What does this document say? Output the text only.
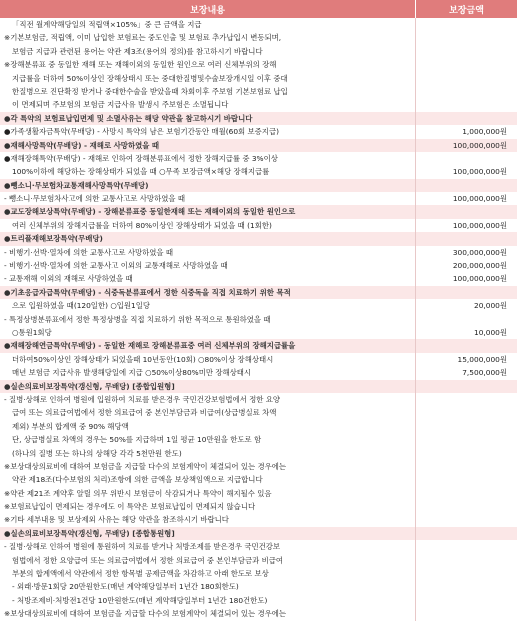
보장내용	보장금액
「직전 월계약해당일의 적립액×105%」중 큰 금액을 지급
※기본보험금, 적립액, 이미 납입한 보험료는 중도인출 및 보험료 추가납입시 변동되며,
보험금 지급과 관련된 용어는 약관 제3조(용어의 정의)를 참고하시기 바랍니다
※장해분류표 중 동일한 재해 또는 재해이외의 동일한 원인으로 여러 신체부위의 장해
지급률을 더하여 50%이상인 장해상태시 또는 중대한질병및수술보장개시일 이후 중대
한질병으로 진단확정 받거나 중대한수술을 받았을때 차회이후 주보험 기본보험료 납입
이 면제되며 주보험의 보험금 지급사유 발생시 주보험은 소멸됩니다
●각 특약의 보험료납입면제 및 소멸사유는 해당 약관을 참고하시기 바랍니다
●가족생활자금특약(무배당) - 사망시 특약의 남은 보험기간동안 매월(60회 보증지급)	1,000,000원
●재해사망특약(무배당) - 재해로 사망하였을 때	100,000,000원
●재해장해특약(무배당) - 재해로 인하여 장해분류표에서 정한 장해지급률 중 3%이상
100%이하에 해당하는 장해상태가 되었을 때 ○무족 보장금액×해당 장해지급률	100,000,000원
●뺑소니·무보험차교통재해사망특약(무배당)
- 뺑소니·무보험차사고에 의한 교통사고로 사망하였을 때	100,000,000원
●교도장해보상특약(무배당) - 장해분류표중 동일한재해 또는 재해이외의 동일한 원인으로
여러 신체부위의 장해지급률을 더하여 80%이상인 장해상태가 되었을 때 (1회한)	100,000,000원
●트리플재해보장특약(무배당)
- 비행기·선박·열차에 의한 교통사고로 사망하였을 때	300,000,000원
- 비행기·선박·열차에 의한 교통사고 이외의 교통재해로 사망하였을 때	200,000,000원
- 교통재해 이외의 재해로 사망하였을 때	100,000,000원
●기초응급자급특약(무배당) - 식중독분류표에서 정한 식중독을 직접 치료하기 위한 목적
으로 입원하였을 때(120일한) ○입원1일당	20,000원
- 특정상병분류표에서 정한 특정상병을 직접 치료하기 위한 목적으로 통원하였을 때
○통원1회당	10,000원
●재해장해연금특약(무배당) - 동일한 재해로 장해분류표중 여러 신체부위의 장해지급률을
더하여50%이상인 장해상태가 되었을때 10년동안(10회) ○80%이상 장해상태시	15,000,000원
매년 보험금 지급사유 발생해당일에 지급 ○50%이상80%미만 장해상태시	7,500,000원
●실손의료비보장특약(갱신형, 무배당) [종합입원형]
- 질병·상해로 인하여 병원에 입원하여 치료를 받은경우 국민건강보험법에서 정한 요양
급여 또는 의료급여법에서 정한 의료급여 중 본인부담금과 비급여(상급병실료 차액
제외) 부분의 합계액 중 90% 해당액
단, 상급병실료 차액의 경우는 50%를 지급하며 1일 평균 10만원을 한도로 함
(하나의 질병 또는 하나의 상해당 각각 5천만원 한도)
※보상대상의료비에 대하여 보험금을 지급할 다수의 보험계약이 체결되어 있는 경우에는
약관 제18조(다수보험의 처리)조항에 의한 금액을 보상책임액으로 지급합니다
※약관 제21조 계약후 알릴 의무 위반시 보험금이 삭감되거나 특약이 해지될수 있음
※보험료납입이 면제되는 경우에도 이 특약은 보험료납입이 면제되지 않습니다
※기타 세부내용 및 보상제외 사유는 해당 약관을 참조하시기 바랍니다
●실손의료비보장특약(갱신형, 무배당) [종합통원형]
- 질병·상해로 인하여 병원에 통원하여 치료를 받거나 처방조제를 받은경우 국민건강보
험법에서 정한 요양급여 또는 의료급여법에서 정한 의료급여 중 본인부담금과 비급여
부분의 합계액에서 약관에서 정한 항목별 공제금액을 차감하고 아래 한도로 보상
- 외래·방문1회당 20만원한도(매년 계약해당일부터 1년간 180회한도)
- 처방조제비·처방전1건당 10만원한도(매년 계약해당일부터 1년간 180건한도)
※보상대상의료비에 대하여 보험금을 지급할 다수의 보험계약이 체결되어 있는 경우에는
